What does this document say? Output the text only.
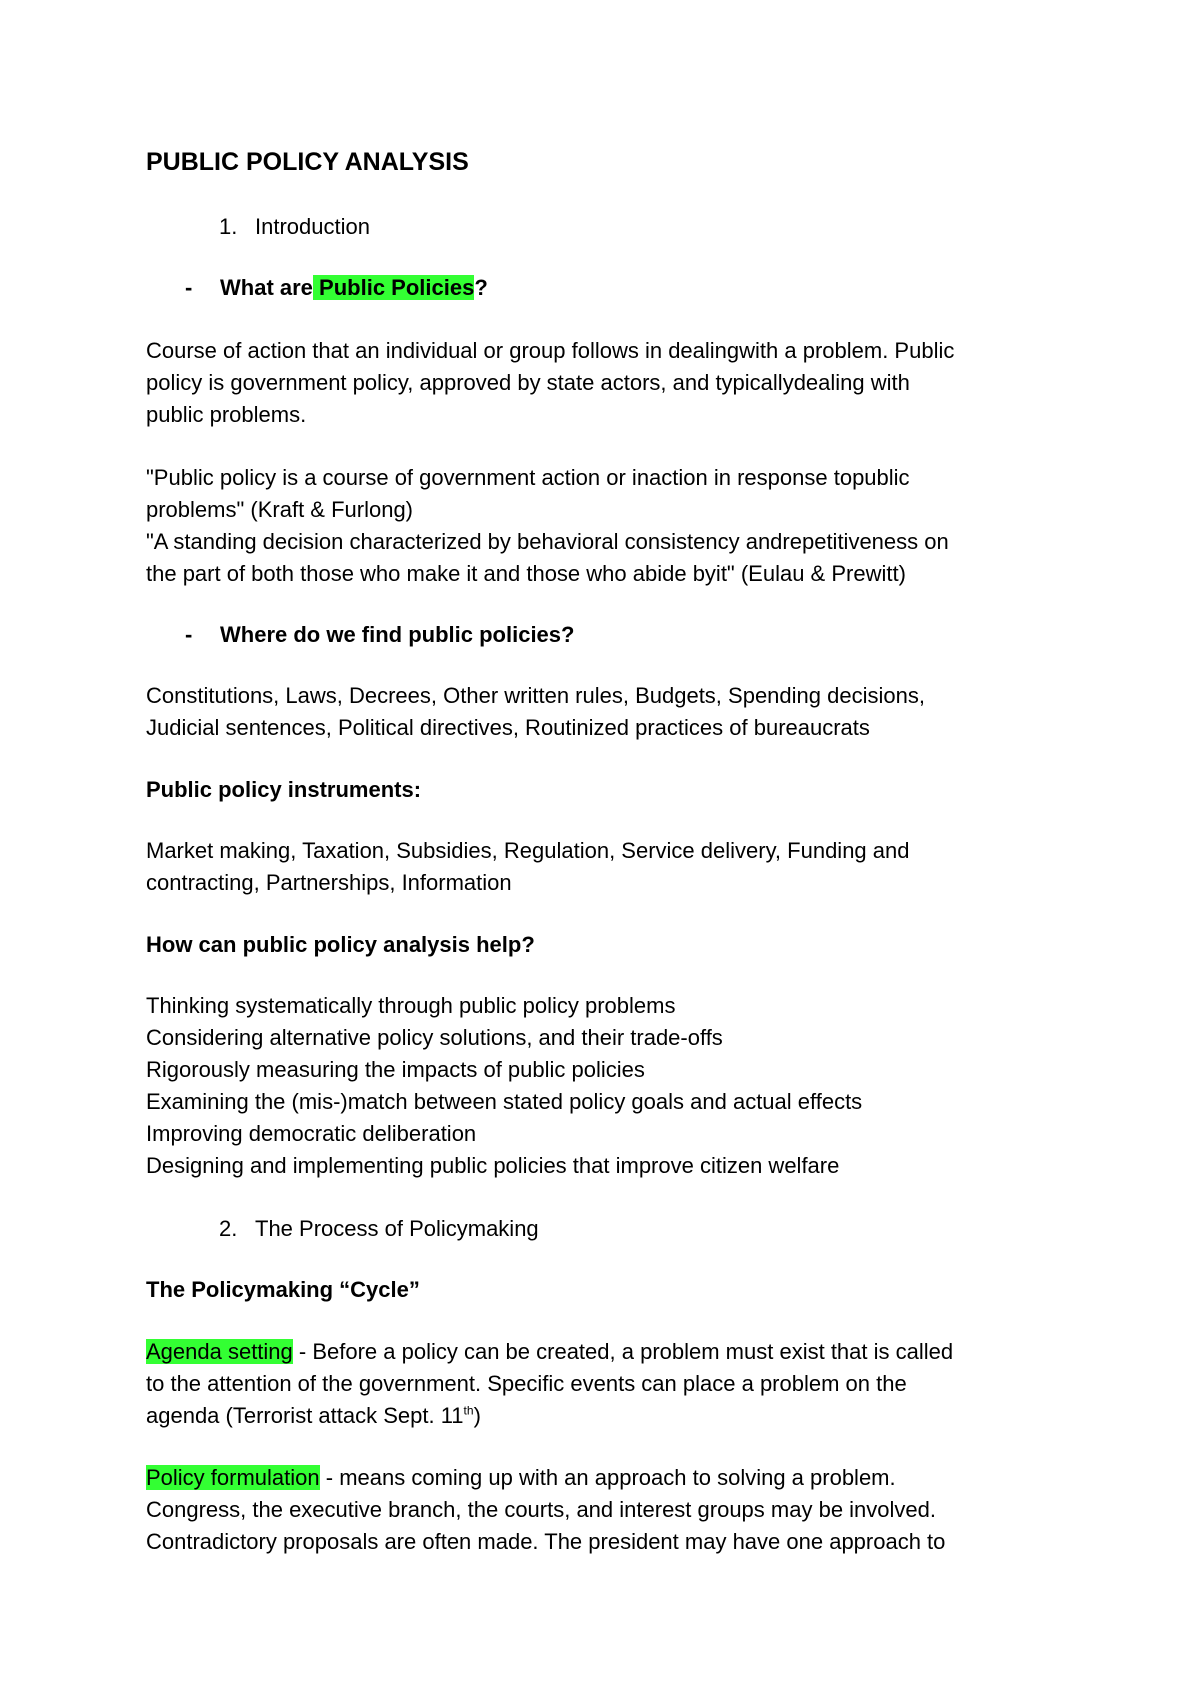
PUBLIC POLICY ANALYSIS
1. Introduction
- What are Public Policies?
Course of action that an individual or group follows in dealingwith a problem. Public
policy is government policy, approved by state actors, and typicallydealing with
public problems.
"Public policy is a course of government action or inaction in response topublic
problems" (Kraft & Furlong)
"A standing decision characterized by behavioral consistency andrepetitiveness on
the part of both those who make it and those who abide byit" (Eulau & Prewitt)
- Where do we find public policies?
Constitutions, Laws, Decrees, Other written rules, Budgets, Spending decisions,
Judicial sentences, Political directives, Routinized practices of bureaucrats
Public policy instruments:
Market making, Taxation, Subsidies, Regulation, Service delivery, Funding and
contracting, Partnerships, Information
How can public policy analysis help?
Thinking systematically through public policy problems
Considering alternative policy solutions, and their trade-offs
Rigorously measuring the impacts of public policies
Examining the (mis-)match between stated policy goals and actual effects
Improving democratic deliberation
Designing and implementing public policies that improve citizen welfare
2. The Process of Policymaking
The Policymaking “Cycle”
Agenda setting - Before a policy can be created, a problem must exist that is called
to the attention of the government. Specific events can place a problem on the
agenda (Terrorist attack Sept. 11th)
Policy formulation - means coming up with an approach to solving a problem.
Congress, the executive branch, the courts, and interest groups may be involved.
Contradictory proposals are often made. The president may have one approach to
